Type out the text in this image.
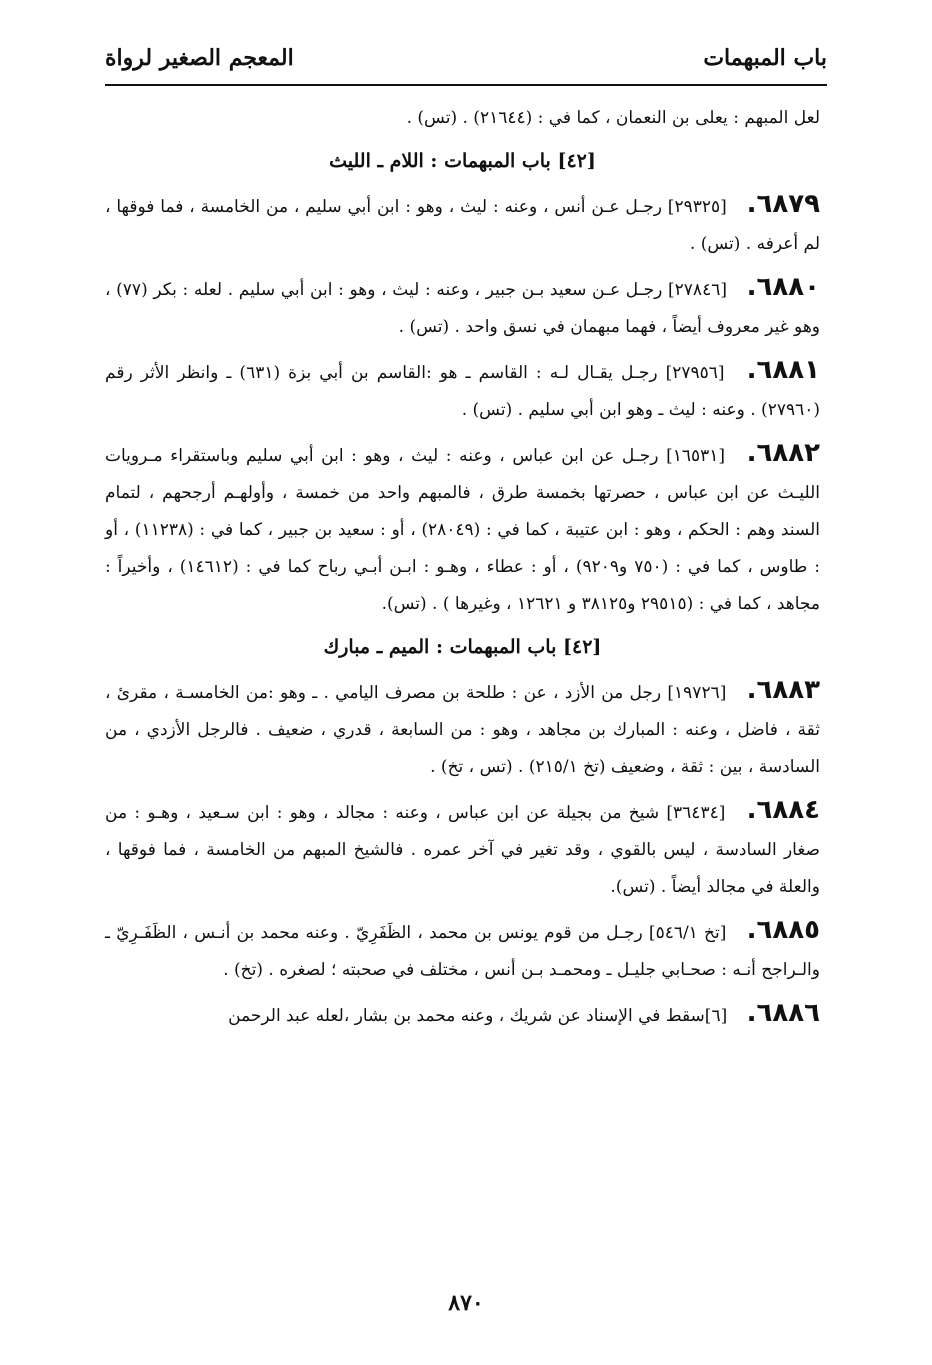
باب المبهمات
المعجم الصغير لرواة

لعل المبهم : يعلى بن النعمان ، كما في : (٢١٦٤٤) . (تس) .

[٤٢] باب المبهمات : اللام ـ الليث
٦٨٧٩. [٢٩٣٢٥] رجـل عـن أنس ، وعنه : ليث ، وهو : ابن أبي سليم ، من الخامسة ، فما فوقها ، لم أعرفه . (تس) .
٦٨٨٠. [٢٧٨٤٦] رجـل عـن سعيد بـن جبير ، وعنه : ليث ، وهو : ابن أبي سليم . لعله : بكر (٧٧) ، وهو غير معروف أيضاً ، فهما مبهمان في نسق واحد . (تس) .
٦٨٨١. [٢٧٩٥٦] رجـل يقـال لـه : القاسم ـ هو :القاسم بن أبي بزة (٦٣١) ـ وانظر الأثر رقم (٢٧٩٦٠) . وعنه : ليث ـ وهو ابن أبي سليم . (تس) .
٦٨٨٢. [١٦٥٣١] رجـل عن ابن عباس ، وعنه : ليث ، وهو : ابن أبي سليم وباستقراء مـرويات الليـث عن ابن عباس ، حصرتها بخمسة طرق ، فالمبهم واحد من خمسة ، وأولهـم أرجحهم ، لتمام السند وهم : الحكم ، وهو : ابن عتيبة ، كما في : (٢٨٠٤٩) ، أو : سعيد بن جبير ، كما في : (١١٢٣٨) ، أو : طاوس ، كما في : (٧٥٠ و٩٢٠٩) ، أو : عطاء ، وهـو : ابـن أبـي رباح كما في : (١٤٦١٢) ، وأخيراً : مجاهد ، كما في : (٢٩٥١٥ و٣٨١٢٥ و ١٢٦٢١ ، وغيرها ) . (تس).
[٤٢] باب المبهمات : الميم ـ مبارك
٦٨٨٣. [١٩٧٢٦] رجل من الأزد ، عن : طلحة بن مصرف اليامي . ـ وهو :من الخامسـة ، مقرئ ، ثقة ، فاضل ، وعنه : المبارك بن مجاهد ، وهو : من السابعة ، قدري ، ضعيف . فالرجل الأزدي ، من السادسة ، بين : ثقة ، وضعيف (تخ ٢١٥/١) . (تس ، تخ) .
٦٨٨٤. [٣٦٤٣٤] شيخ من بجيلة عن ابن عباس ، وعنه : مجالد ، وهو : ابن سـعيد ، وهـو : من صغار السادسة ، ليس بالقوي ، وقد تغير في آخر عمره . فالشيخ المبهم من الخامسة ، فما فوقها ، والعلة في مجالد أيضاً . (تس).
٦٨٨٥. [تخ ٥٤٦/١] رجـل من قوم يونس بن محمد ، الظَفَرِيّ . وعنه محمد بن أنـس ، الظَفَـرِيّ ـ والـراجح أنـه : صحـابي جليـل ـ ومحمـد بـن أنس ، مختلف في صحبته ؛ لصغره . (تخ) .
٦٨٨٦. [٦]سقط في الإسناد عن شريك ، وعنه محمد بن بشار ،لعله عبد الرحمن
٨٧٠
